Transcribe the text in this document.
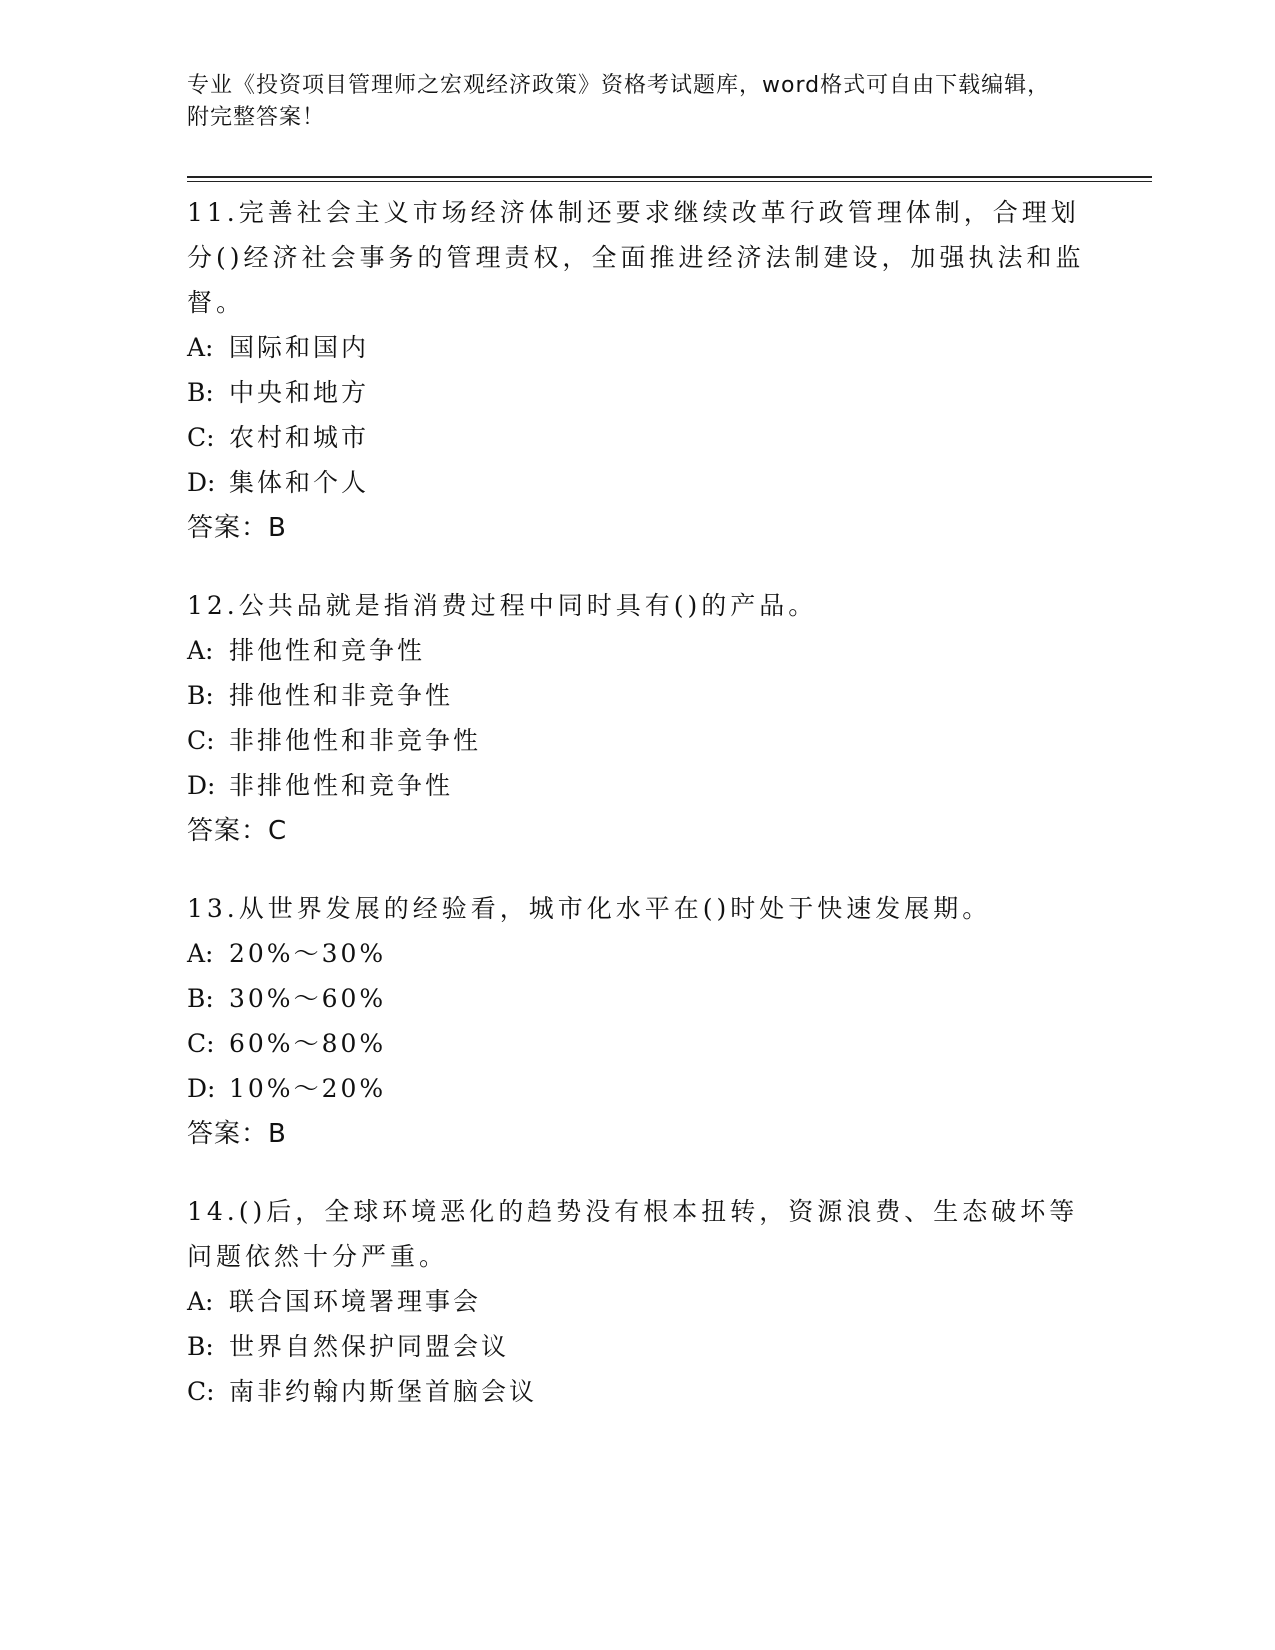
专业《投资项目管理师之宏观经济政策》资格考试题库，word格式可自由下载编辑，附完整答案！

11.完善社会主义市场经济体制还要求继续改革行政管理体制，合理划分()经济社会事务的管理责权，全面推进经济法制建设，加强执法和监督。

A: 国际和国内

B: 中央和地方

C: 农村和城市

D: 集体和个人

答案：B

12.公共品就是指消费过程中同时具有()的产品。

A: 排他性和竞争性

B: 排他性和非竞争性

C: 非排他性和非竞争性

D: 非排他性和竞争性

答案：C

13.从世界发展的经验看，城市化水平在()时处于快速发展期。

A: 20%～30%

B: 30%～60%

C: 60%～80%

D: 10%～20%

答案：B

14.()后，全球环境恶化的趋势没有根本扭转，资源浪费、生态破坏等问题依然十分严重。

A: 联合国环境署理事会

B: 世界自然保护同盟会议

C: 南非约翰内斯堡首脑会议
